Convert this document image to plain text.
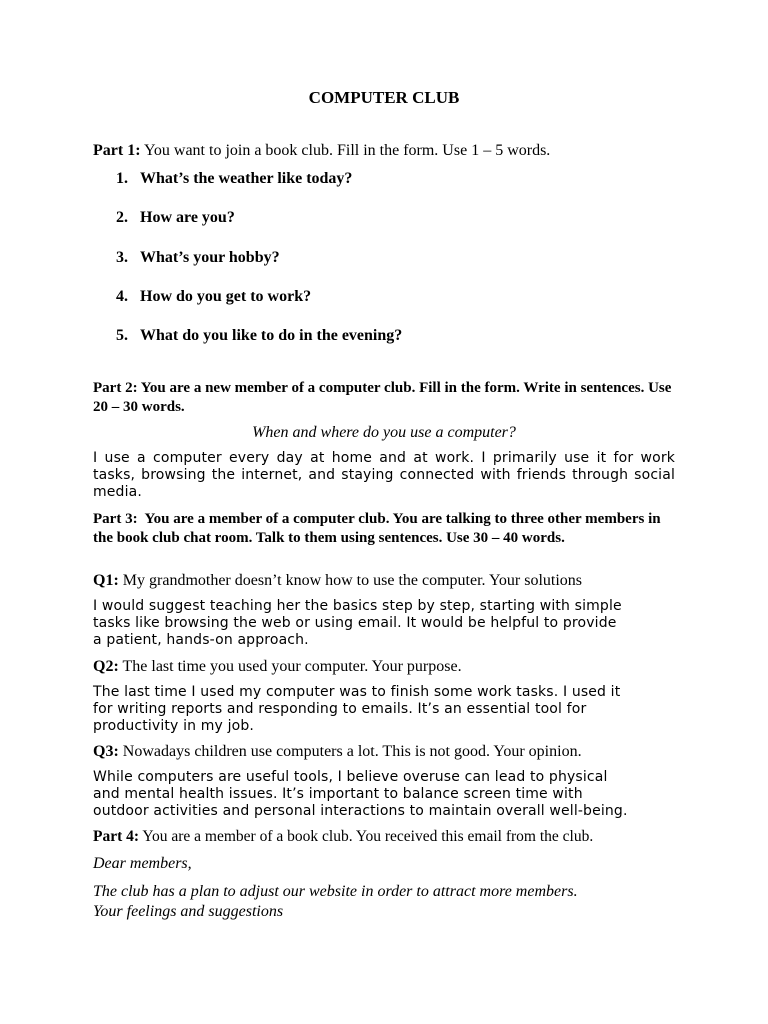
COMPUTER CLUB
Part 1: You want to join a book club. Fill in the form. Use 1 – 5 words.
1. What’s the weather like today?
2. How are you?
3. What’s your hobby?
4. How do you get to work?
5. What do you like to do in the evening?
Part 2: You are a new member of a computer club. Fill in the form. Write in sentences. Use 20 – 30 words.
When and where do you use a computer?
I use a computer every day at home and at work. I primarily use it for work tasks, browsing the internet, and staying connected with friends through social media.
Part 3: You are a member of a computer club. You are talking to three other members in the book club chat room. Talk to them using sentences. Use 30 – 40 words.
Q1: My grandmother doesn’t know how to use the computer. Your solutions
I would suggest teaching her the basics step by step, starting with simple
tasks like browsing the web or using email. It would be helpful to provide
a patient, hands-on approach.
Q2: The last time you used your computer. Your purpose.
The last time I used my computer was to finish some work tasks. I used it
for writing reports and responding to emails. It’s an essential tool for
productivity in my job.
Q3: Nowadays children use computers a lot. This is not good. Your opinion.
While computers are useful tools, I believe overuse can lead to physical
and mental health issues. It’s important to balance screen time with
outdoor activities and personal interactions to maintain overall well-being.
Part 4: You are a member of a book club. You received this email from the club.
Dear members,
The club has a plan to adjust our website in order to attract more members.
Your feelings and suggestions
